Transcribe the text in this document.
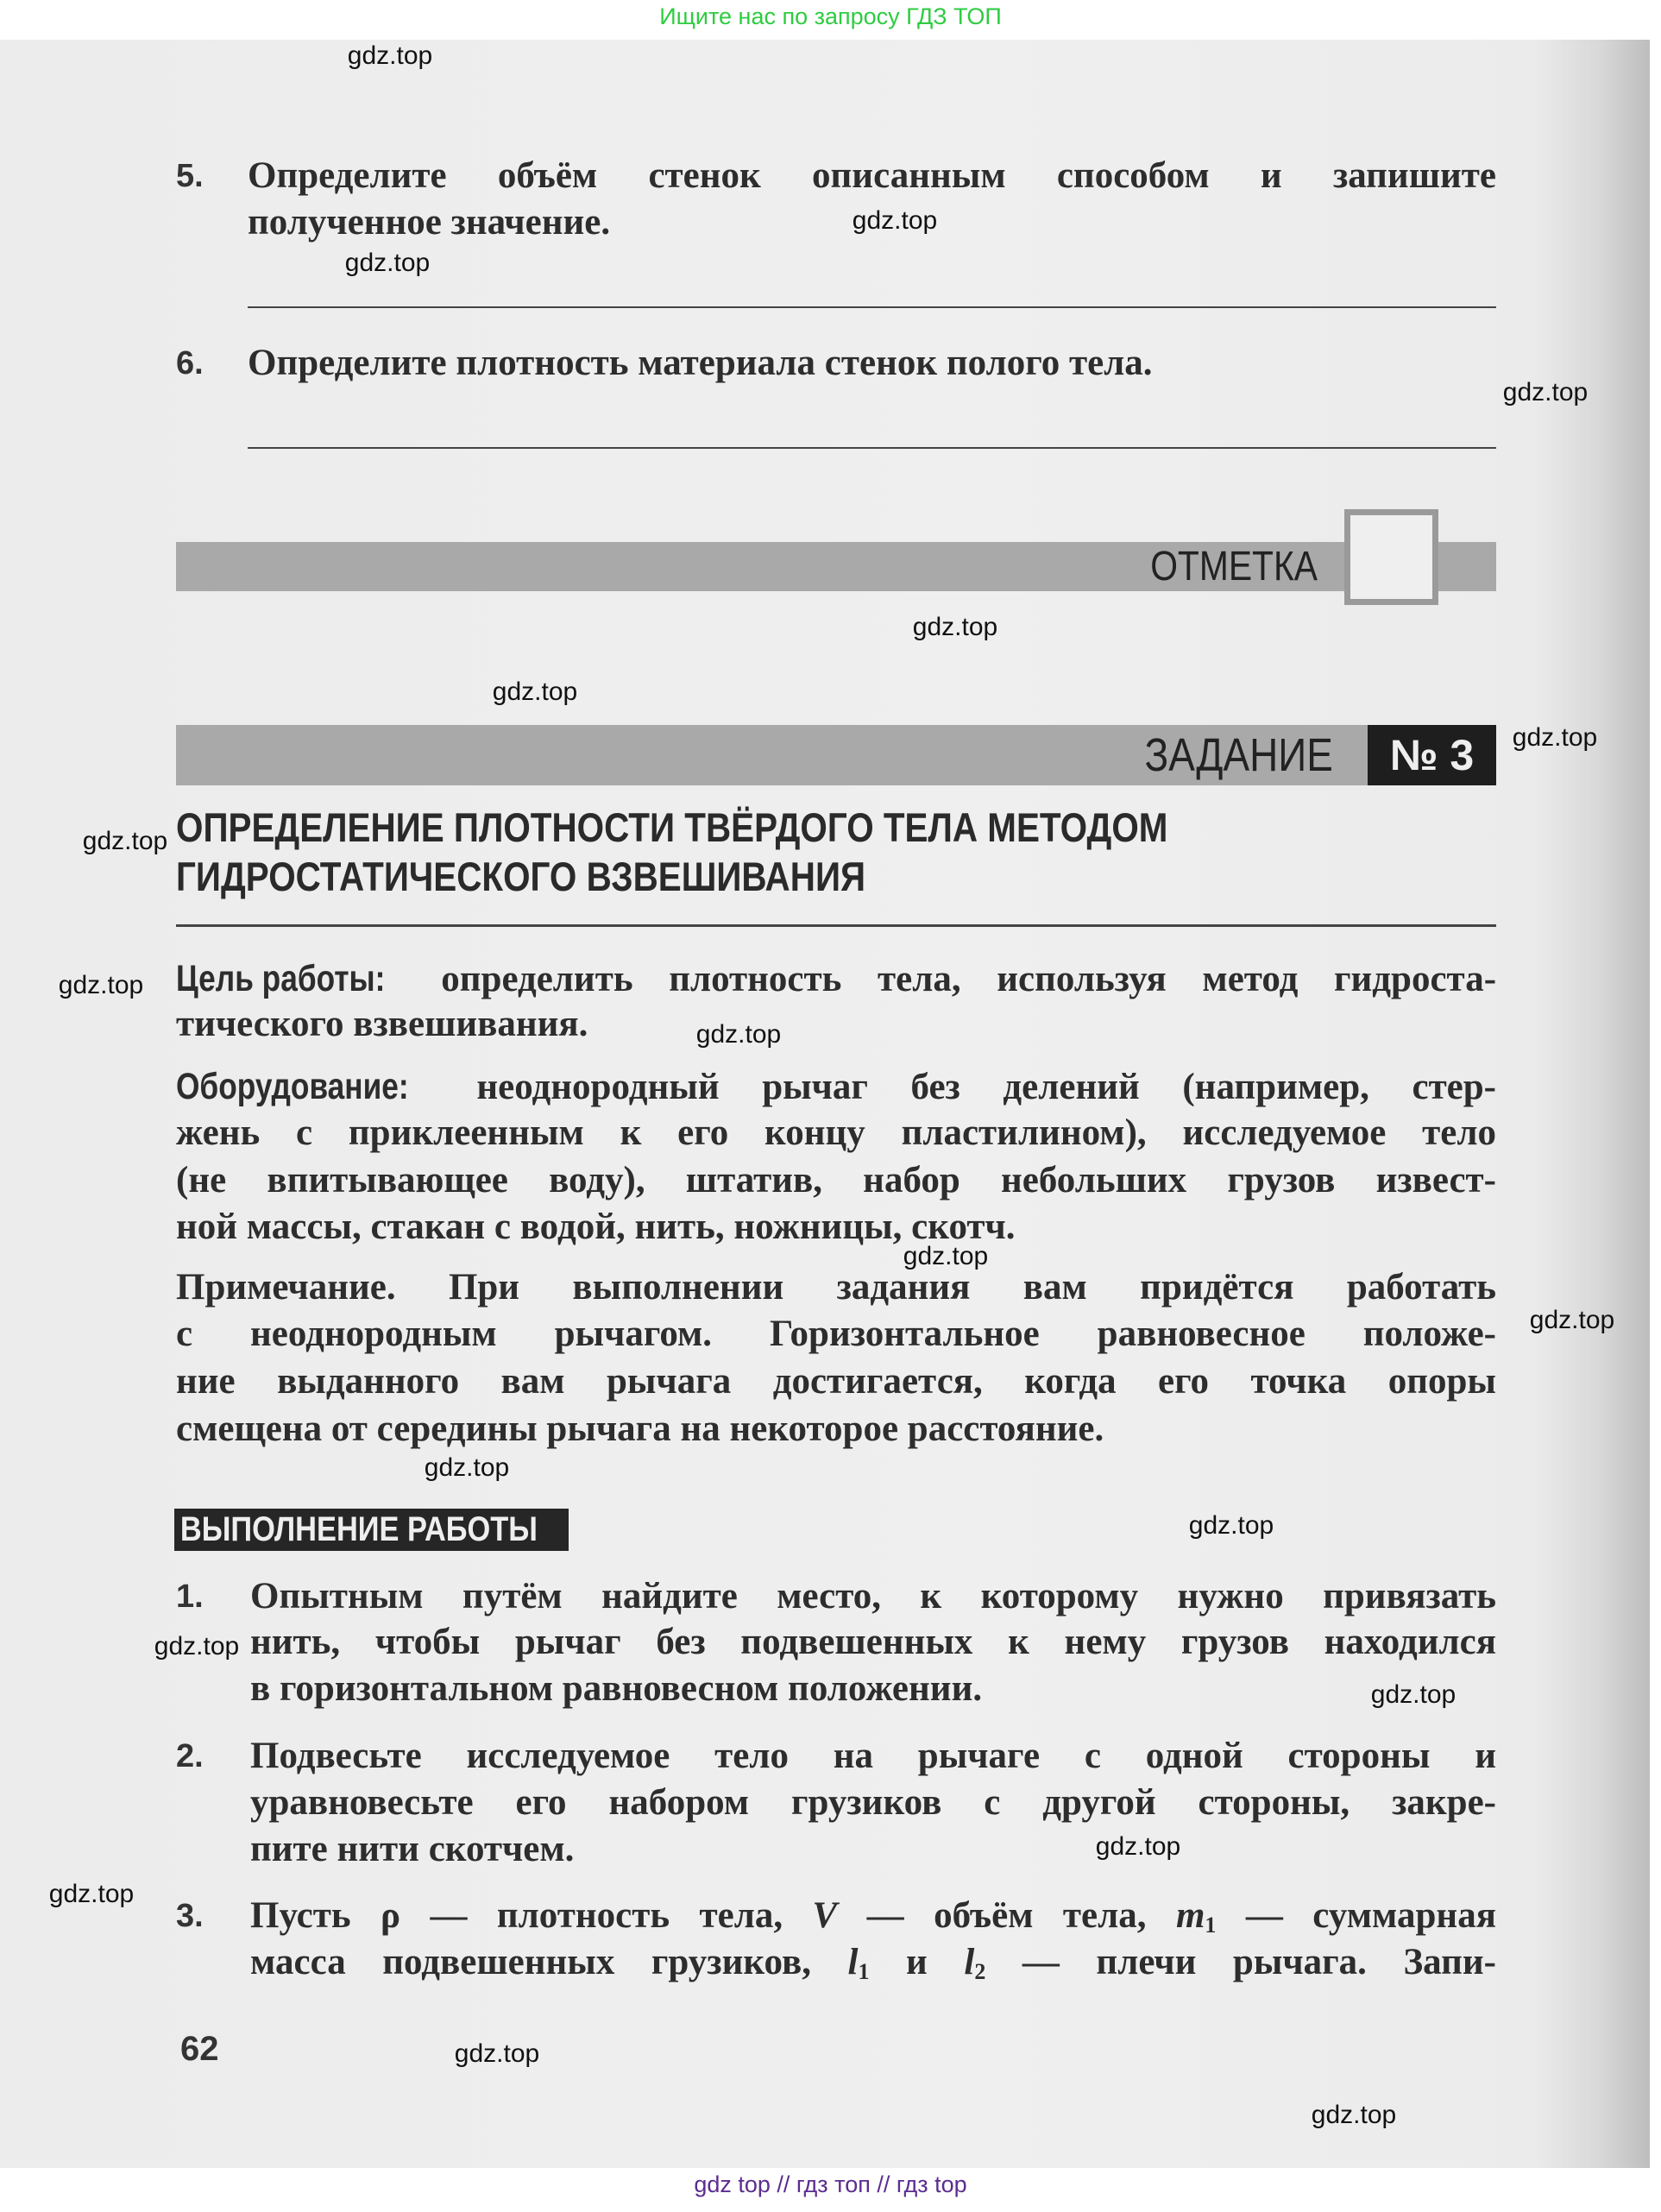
Ищите нас по запросу ГДЗ ТОП
5. Определите объём стенок описанным способом и запишите
полученное значение.
6. Определите плотность материала стенок полого тела.
ОТМЕТКА
ЗАДАНИЕ	№ 3
ОПРЕДЕЛЕНИЕ ПЛОТНОСТИ ТВЁРДОГО ТЕЛА МЕТОДОМ
ГИДРОСТАТИЧЕСКОГО ВЗВЕШИВАНИЯ
Цель работы: определить плотность тела, используя метод гидроста-
тического взвешивания.
Оборудование: неоднородный рычаг без делений (например, стер-
жень с приклеенным к его концу пластилином), исследуемое тело
(не впитывающее воду), штатив, набор небольших грузов извест-
ной массы, стакан с водой, нить, ножницы, скотч.
Примечание. При выполнении задания вам придётся работать
с неоднородным рычагом. Горизонтальное равновесное положе-
ние выданного вам рычага достигается, когда его точка опоры
смещена от середины рычага на некоторое расстояние.
ВЫПОЛНЕНИЕ РАБОТЫ
1. Опытным путём найдите место, к которому нужно привязать
нить, чтобы рычаг без подвешенных к нему грузов находился
в горизонтальном равновесном положении.
2. Подвесьте исследуемое тело на рычаге с одной стороны и
уравновесьте его набором грузиков с другой стороны, закре-
пите нити скотчем.
3. Пусть ρ — плотность тела, V — объём тела, $m_1$ — суммарная
масса подвешенных грузиков, $l_1$ и $l_2$ — плечи рычага. Запи-
62
gdz.top
gdz.top
gdz.top
gdz.top
gdz.top
gdz.top
gdz.top
gdz.top
gdz.top
gdz.top
gdz.top
gdz.top
gdz.top
gdz.top
gdz.top
gdz.top
gdz.top
gdz.top
gdz.top
gdz.top
gdz top // гдз топ // гдз top
